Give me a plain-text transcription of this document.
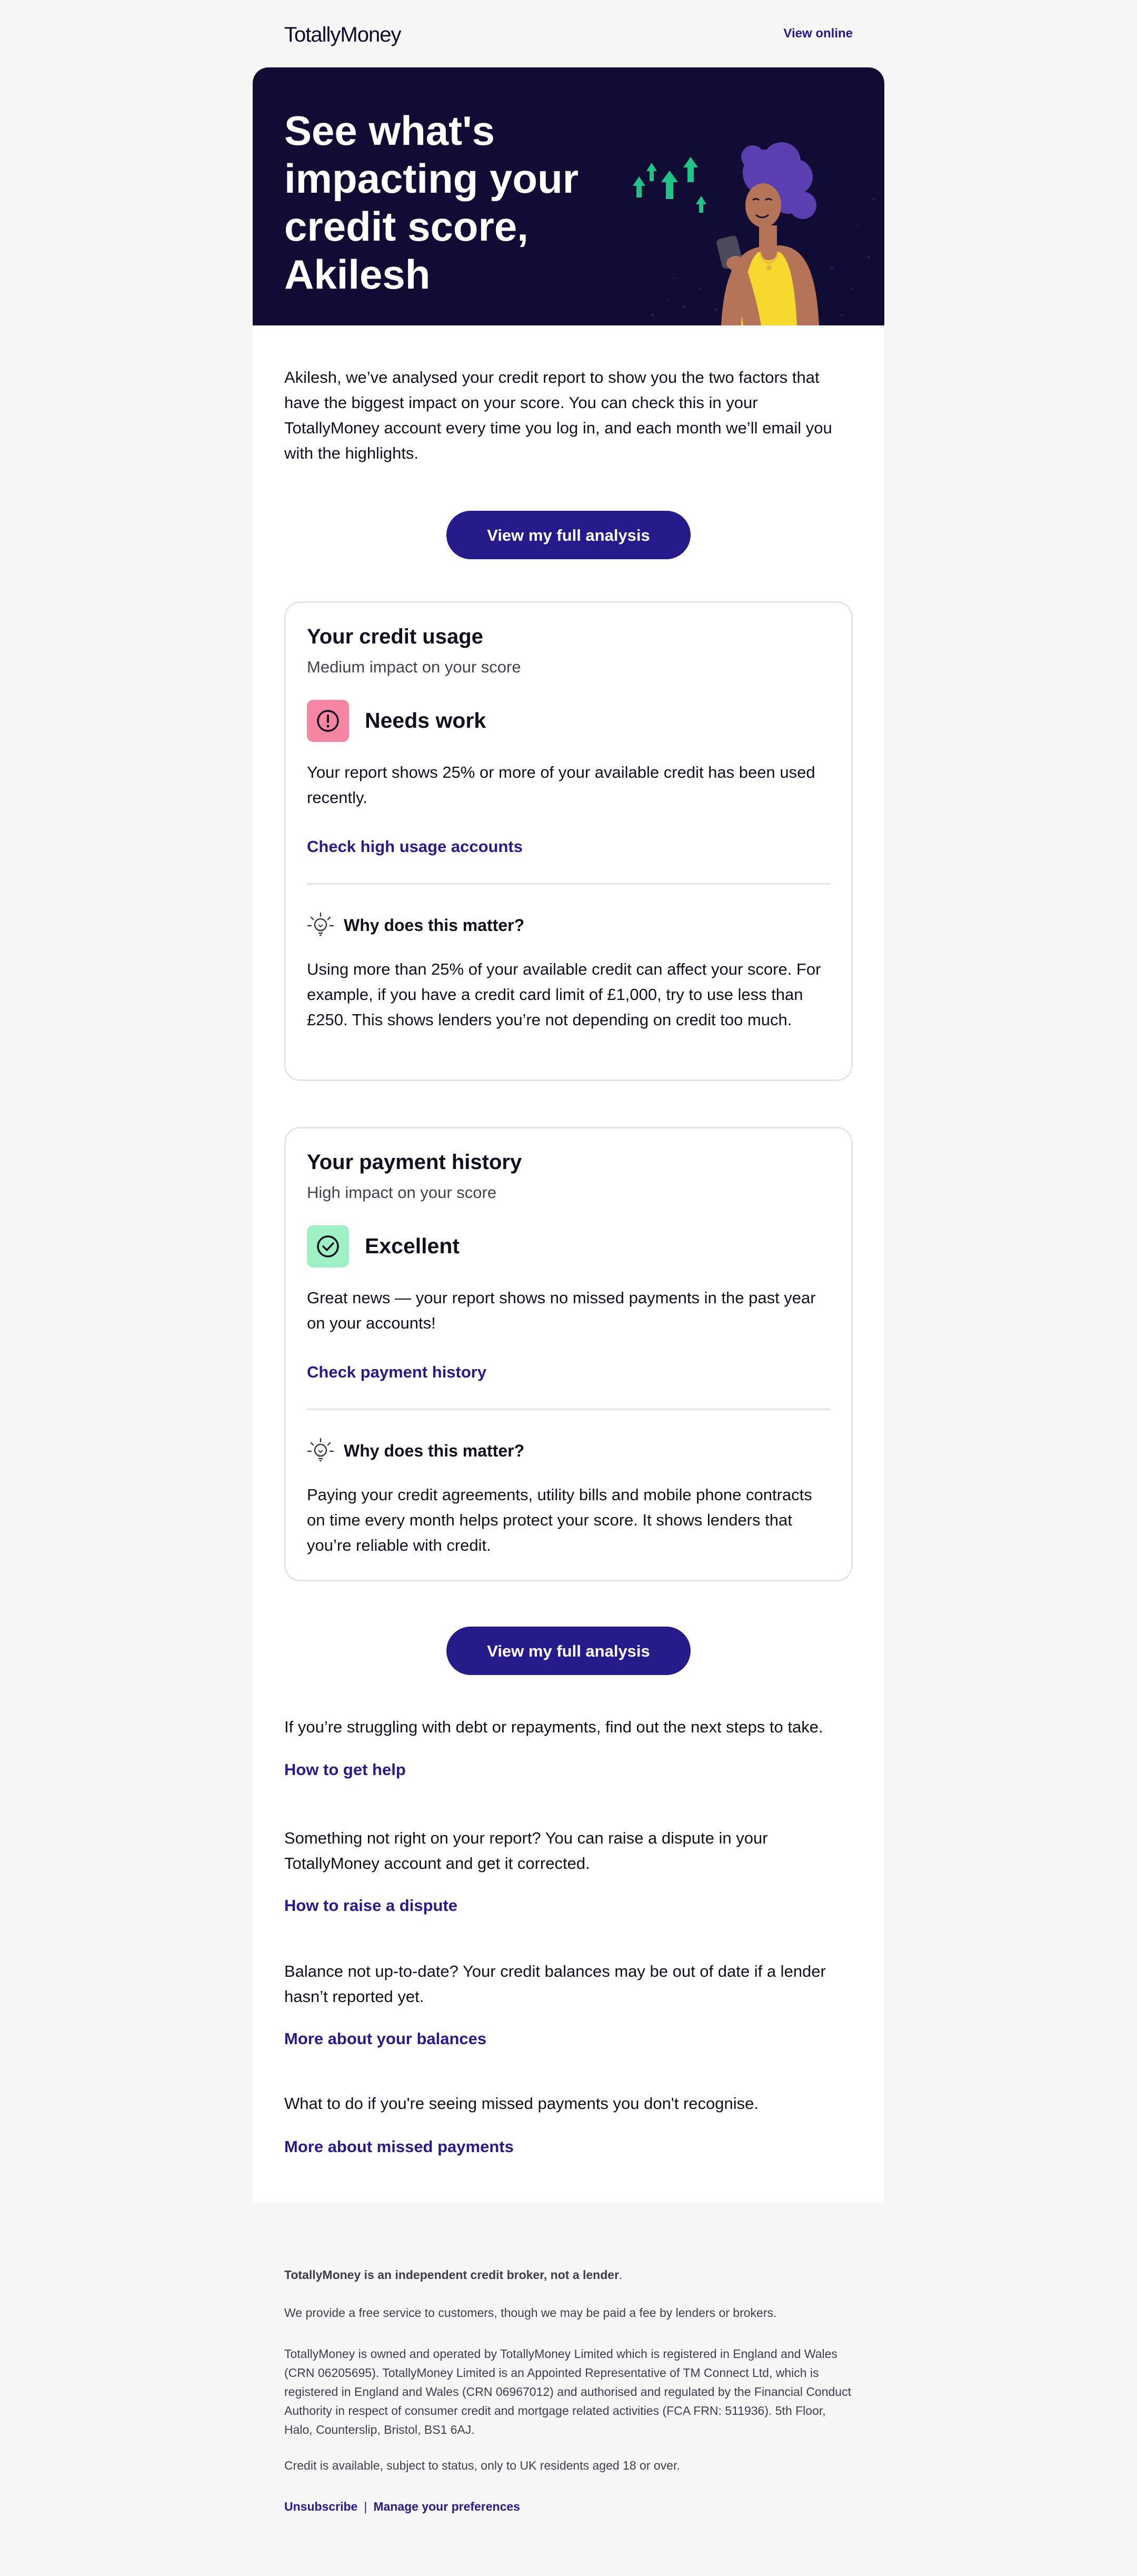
TotallyMoney	View online
See what's
impacting your
credit score,
Akilesh

Akilesh, we’ve analysed your credit report to show you the two factors that have the biggest impact on your score. You can check this in your TotallyMoney account every time you log in, and each month we’ll email you with the highlights.

View my full analysis
Your credit usage
Medium impact on your score
Needs work
Your report shows 25% or more of your available credit has been used recently.
Check high usage accounts
Why does this matter?
Using more than 25% of your available credit can affect your score. For example, if you have a credit card limit of £1,000, try to use less than £250. This shows lenders you’re not depending on credit too much.
Your payment history
High impact on your score
Excellent
Great news — your report shows no missed payments in the past year on your accounts!
Check payment history
Why does this matter?
Paying your credit agreements, utility bills and mobile phone contracts on time every month helps protect your score. It shows lenders that you’re reliable with credit.
View my full analysis

If you’re struggling with debt or repayments, find out the next steps to take.

How to get help

Something not right on your report? You can raise a dispute in your TotallyMoney account and get it corrected.

How to raise a dispute

Balance not up-to-date? Your credit balances may be out of date if a lender hasn’t reported yet.

More about your balances

What to do if you're seeing missed payments you don't recognise.

More about missed payments

TotallyMoney is an independent credit broker, not a lender.

We provide a free service to customers, though we may be paid a fee by lenders or brokers.

TotallyMoney is owned and operated by TotallyMoney Limited which is registered in England and Wales (CRN 06205695). TotallyMoney Limited is an Appointed Representative of TM Connect Ltd, which is registered in England and Wales (CRN 06967012) and authorised and regulated by the Financial Conduct Authority in respect of consumer credit and mortgage related activities (FCA FRN: 511936). 5th Floor, Halo, Counterslip, Bristol, BS1 6AJ.

Credit is available, subject to status, only to UK residents aged 18 or over.

Unsubscribe | Manage your preferences
